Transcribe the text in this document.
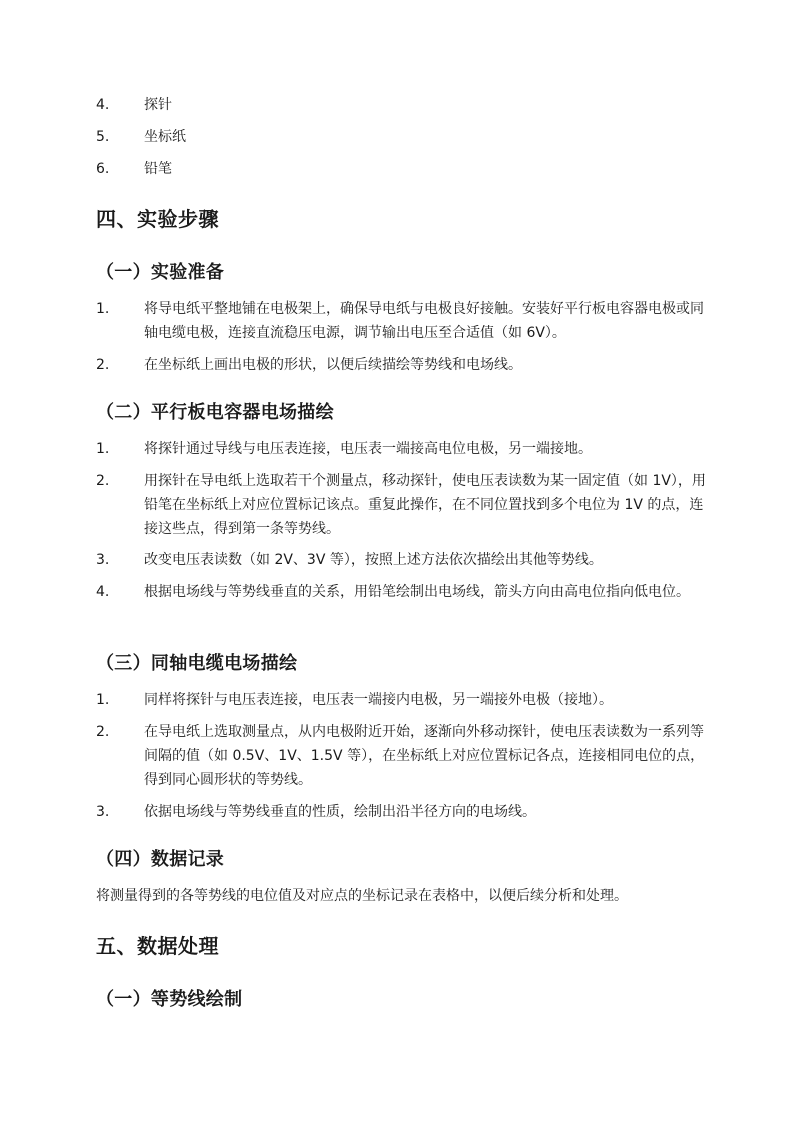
4.	探针
5.	坐标纸
6.	铅笔
四、实验步骤
（一）实验准备
1.	将导电纸平整地铺在电极架上，确保导电纸与电极良好接触。安装好平行板电容器电极或同轴电缆电极，连接直流稳压电源，调节输出电压至合适值（如 6V）。
2.	在坐标纸上画出电极的形状，以便后续描绘等势线和电场线。
（二）平行板电容器电场描绘
1.	将探针通过导线与电压表连接，电压表一端接高电位电极，另一端接地。
2.	用探针在导电纸上选取若干个测量点，移动探针，使电压表读数为某一固定值（如 1V），用铅笔在坐标纸上对应位置标记该点。重复此操作，在不同位置找到多个电位为 1V 的点，连接这些点，得到第一条等势线。
3.	改变电压表读数（如 2V、3V 等），按照上述方法依次描绘出其他等势线。
4.	根据电场线与等势线垂直的关系，用铅笔绘制出电场线，箭头方向由高电位指向低电位。
（三）同轴电缆电场描绘
1.	同样将探针与电压表连接，电压表一端接内电极，另一端接外电极（接地）。
2.	在导电纸上选取测量点，从内电极附近开始，逐渐向外移动探针，使电压表读数为一系列等间隔的值（如 0.5V、1V、1.5V 等），在坐标纸上对应位置标记各点，连接相同电位的点，得到同心圆形状的等势线。
3.	依据电场线与等势线垂直的性质，绘制出沿半径方向的电场线。
（四）数据记录
将测量得到的各等势线的电位值及对应点的坐标记录在表格中，以便后续分析和处理。
五、数据处理
（一）等势线绘制
